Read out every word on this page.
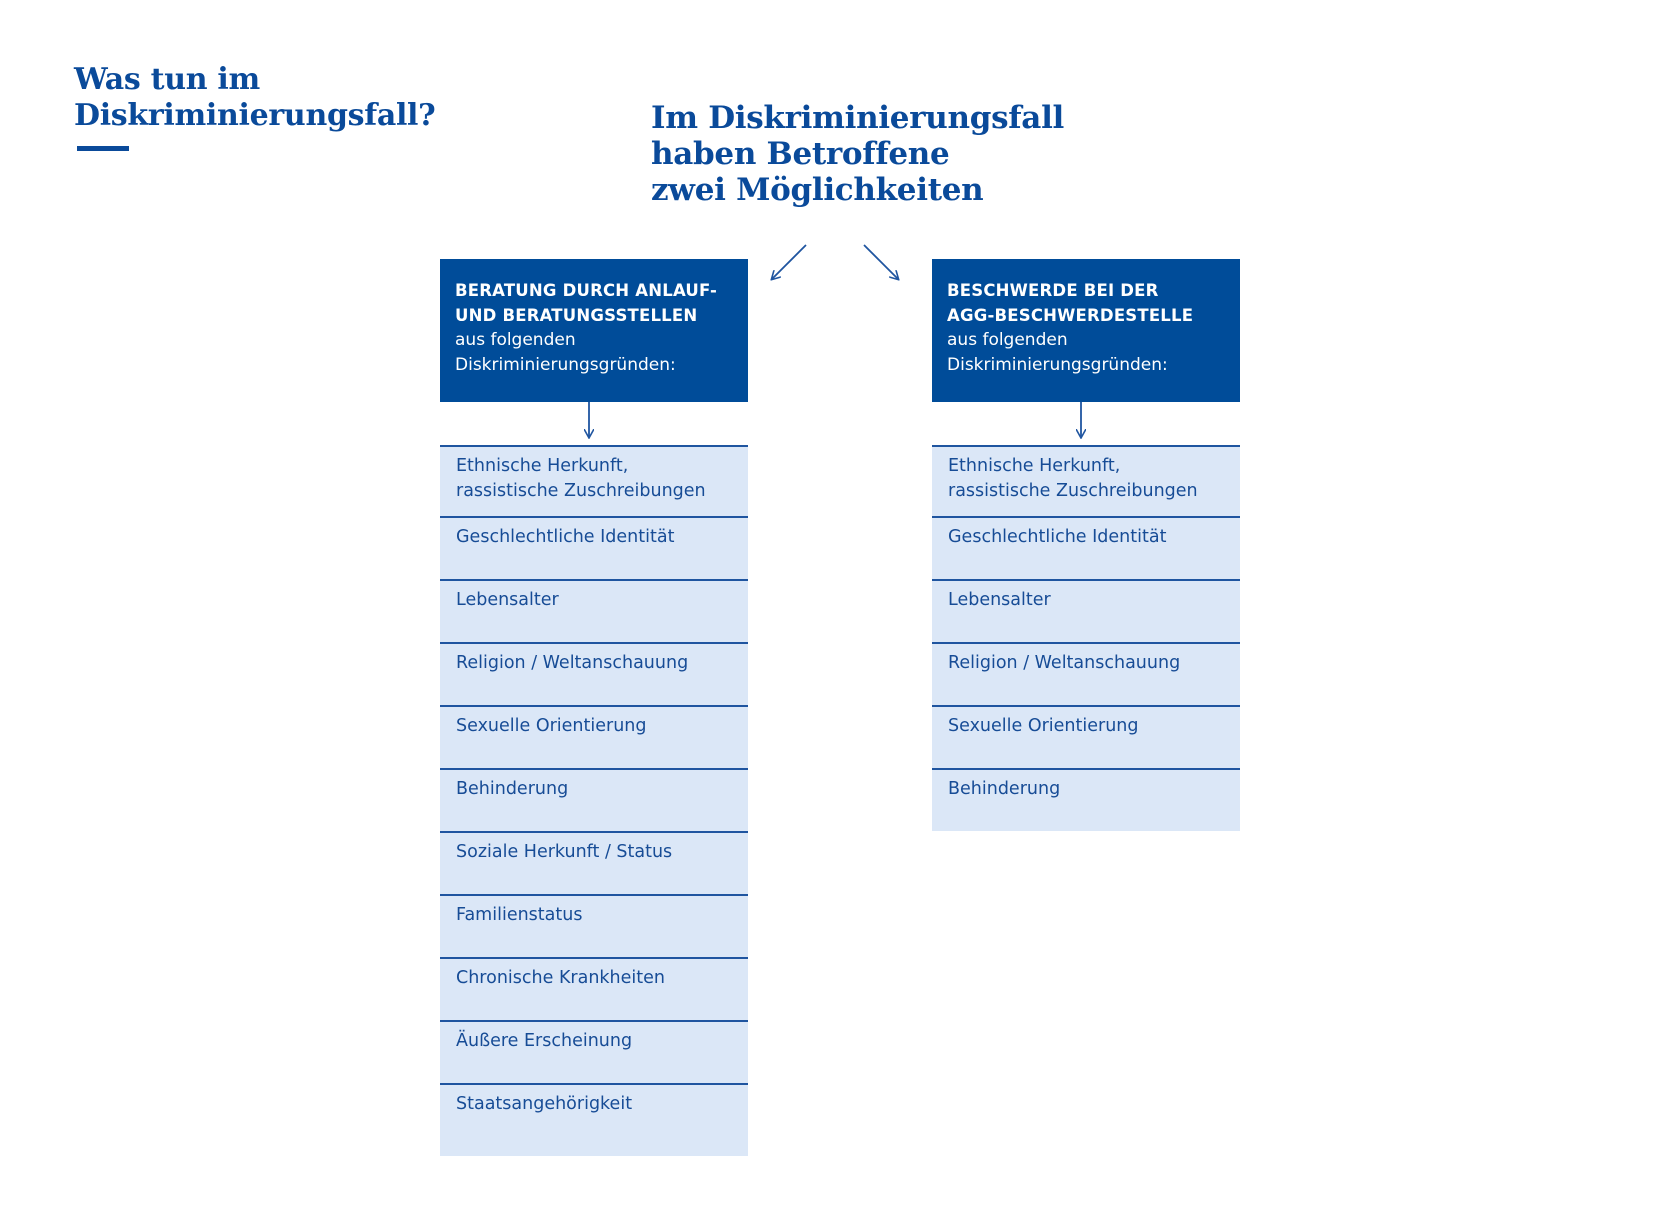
Was tun im
Diskriminierungsfall?	Im Diskriminierungsfall
haben Betroffene
zwei Möglichkeiten

BERATUNG DURCH ANLAUF-
UND BERATUNGSSTELLEN

aus folgenden
Diskriminierungsgründen:

Ethnische Herkunft,
rassistische Zuschreibungen
Geschlechtliche Identität
Lebensalter
Religion / Weltanschauung
Sexuelle Orientierung
Behinderung
Soziale Herkunft / Status
Familienstatus
Chronische Krankheiten
Äußere Erscheinung
Staatsangehörigkeit

BESCHWERDE BEI DER
AGG-BESCHWERDESTELLE

aus folgenden
Diskriminierungsgründen:

Ethnische Herkunft,
rassistische Zuschreibungen
Geschlechtliche Identität
Lebensalter
Religion / Weltanschauung
Sexuelle Orientierung
Behinderung
